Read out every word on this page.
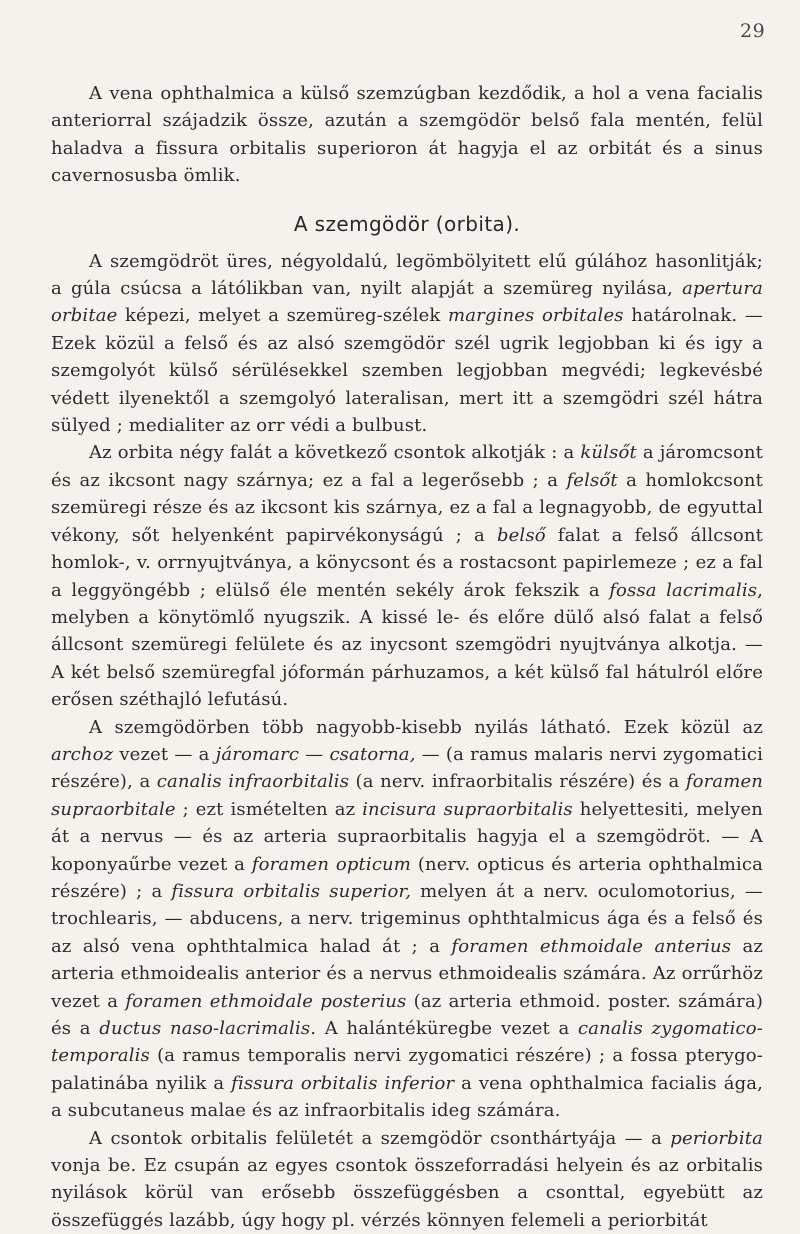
29

A vena ophthalmica a külső szemzúgban kezdődik, a hol a vena facialis anteriorral szájadzik össze, azután a szemgödör belső fala mentén, felül haladva a fissura orbitalis superioron át hagyja el az orbitát és a sinus cavernosusba ömlik.

A szemgödör (orbita).

A szemgödröt üres, négyoldalú, legömbölyitett elű gúlához hasonlitják; a gúla csúcsa a látólikban van, nyilt alapját a szemüreg nyilása, apertura orbitae képezi, melyet a szemüreg-szélek margines orbitales határolnak. — Ezek közül a felső és az alsó szemgödör szél ugrik legjobban ki és igy a szemgolyót külső sérülésekkel szemben legjobban megvédi; legkevésbé védett ilyenektől a szemgolyó lateralisan, mert itt a szemgödri szél hátra sülyed ; medialiter az orr védi a bulbust.

Az orbita négy falát a következő csontok alkotják : a külsőt a járomcsont és az ikcsont nagy szárnya; ez a fal a legerősebb ; a felsőt a homlokcsont szemüregi része és az ikcsont kis szárnya, ez a fal a legnagyobb, de egyuttal vékony, sőt helyenként papirvékonyságú ; a belső falat a felső állcsont homlok-, v. orrnyujtványa, a könycsont és a rostacsont papirlemeze ; ez a fal a leggyöngébb ; elülső éle mentén sekély árok fekszik a fossa lacrimalis, melyben a könytömlő nyugszik. A kissé le- és előre dülő alsó falat a felső állcsont szemüregi felülete és az inycsont szemgödri nyujtványa alkotja. — A két belső szemüregfal jóformán párhuzamos, a két külső fal hátulról előre erősen széthajló lefutású.

A szemgödörben több nagyobb-kisebb nyilás látható. Ezek közül az archoz vezet — a járomarc — csatorna, — (a ramus malaris nervi zygomatici részére), a canalis infraorbitalis (a nerv. infraorbitalis részére) és a foramen supraorbitale ; ezt ismételten az incisura supraorbitalis helyettesiti, melyen át a nervus — és az arteria supraorbitalis hagyja el a szemgödröt. — A koponyaűrbe vezet a foramen opticum (nerv. opticus és arteria ophthalmica részére) ; a fissura orbitalis superior, melyen át a nerv. oculomotorius, — trochlearis, — abducens, a nerv. trigeminus ophthtalmicus ága és a felső és az alsó vena ophthtalmica halad át ; a foramen ethmoidale anterius az arteria ethmoidealis anterior és a nervus ethmoidealis számára. Az orrűrhöz vezet a foramen ethmoidale posterius (az arteria ethmoid. poster. számára) és a ductus naso-lacrimalis. A halántéküregbe vezet a canalis zygomatico-temporalis (a ramus temporalis nervi zygomatici részére) ; a fossa pterygo-palatinába nyilik a fissura orbitalis inferior a vena ophthalmica facialis ága, a subcutaneus malae és az infraorbitalis ideg számára.

A csontok orbitalis felületét a szemgödör csonthártyája — a periorbita vonja be. Ez csupán az egyes csontok összeforradási helyein és az orbitalis nyilások körül van erősebb összefüggésben a csonttal, egyebütt az összefüggés lazább, úgy hogy pl. vérzés könnyen felemeli a periorbitát
